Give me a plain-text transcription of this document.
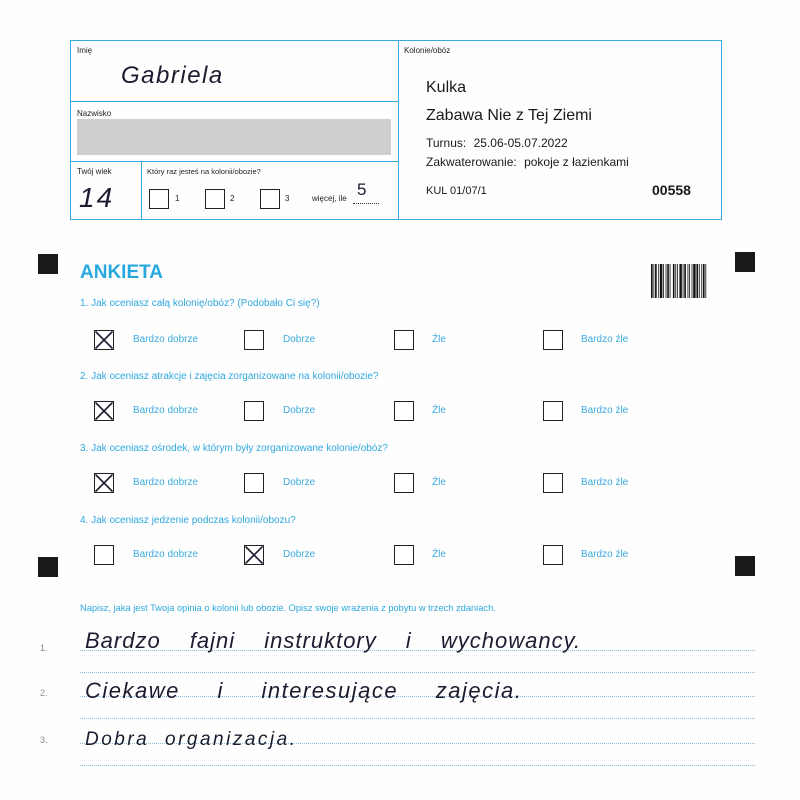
Imię
Gabriela
Nazwisko
Twój wiek
14
Który raz jesteś na kolonii/obozie?
1	2	3	więcej, ile 5
Kolonie/obóz
Kulka
Zabawa Nie z Tej Ziemi
Turnus: 25.06-05.07.2022
Zakwaterowanie: pokoje z łazienkami
KUL 01/07/1	00558
ANKIETA
1. Jak oceniasz całą kolonię/obóz? (Podobało Ci się?)
Bardzo dobrze	Dobrze	Źle	Bardzo źle
2. Jak oceniasz atrakcje i zajęcia zorganizowane na kolonii/obozie?
Bardzo dobrze	Dobrze	Źle	Bardzo źle
3. Jak oceniasz ośrodek, w którym były zorganizowane kolonie/obóz?
Bardzo dobrze	Dobrze	Źle	Bardzo źle
4. Jak oceniasz jedzenie podczas kolonii/obozu?
Bardzo dobrze	Dobrze	Źle	Bardzo źle
Napisz, jaka jest Twoja opinia o kolonii lub obozie. Opisz swoje wrażenia z pobytu w trzech zdaniach.
1.
2.
3.
Bardzo fajni instruktory i wychowancy.
Ciekawe i interesujące zajęcia.
Dobra organizacja.
